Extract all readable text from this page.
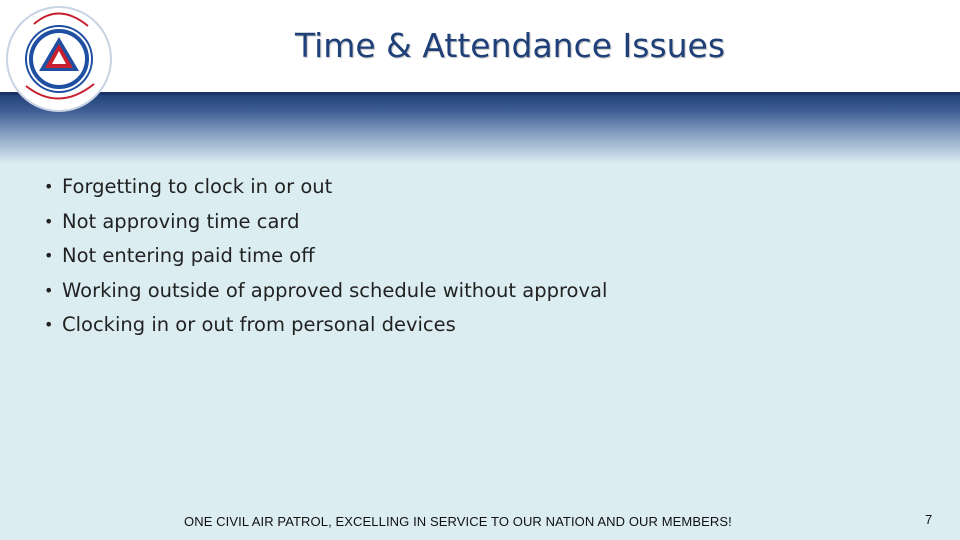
Time & Attendance Issues
• Forgetting to clock in or out
• Not approving time card
• Not entering paid time off
• Working outside of approved schedule without approval
• Clocking in or out from personal devices
ONE CIVIL AIR PATROL, EXCELLING IN SERVICE TO OUR NATION AND OUR MEMBERS!	7
